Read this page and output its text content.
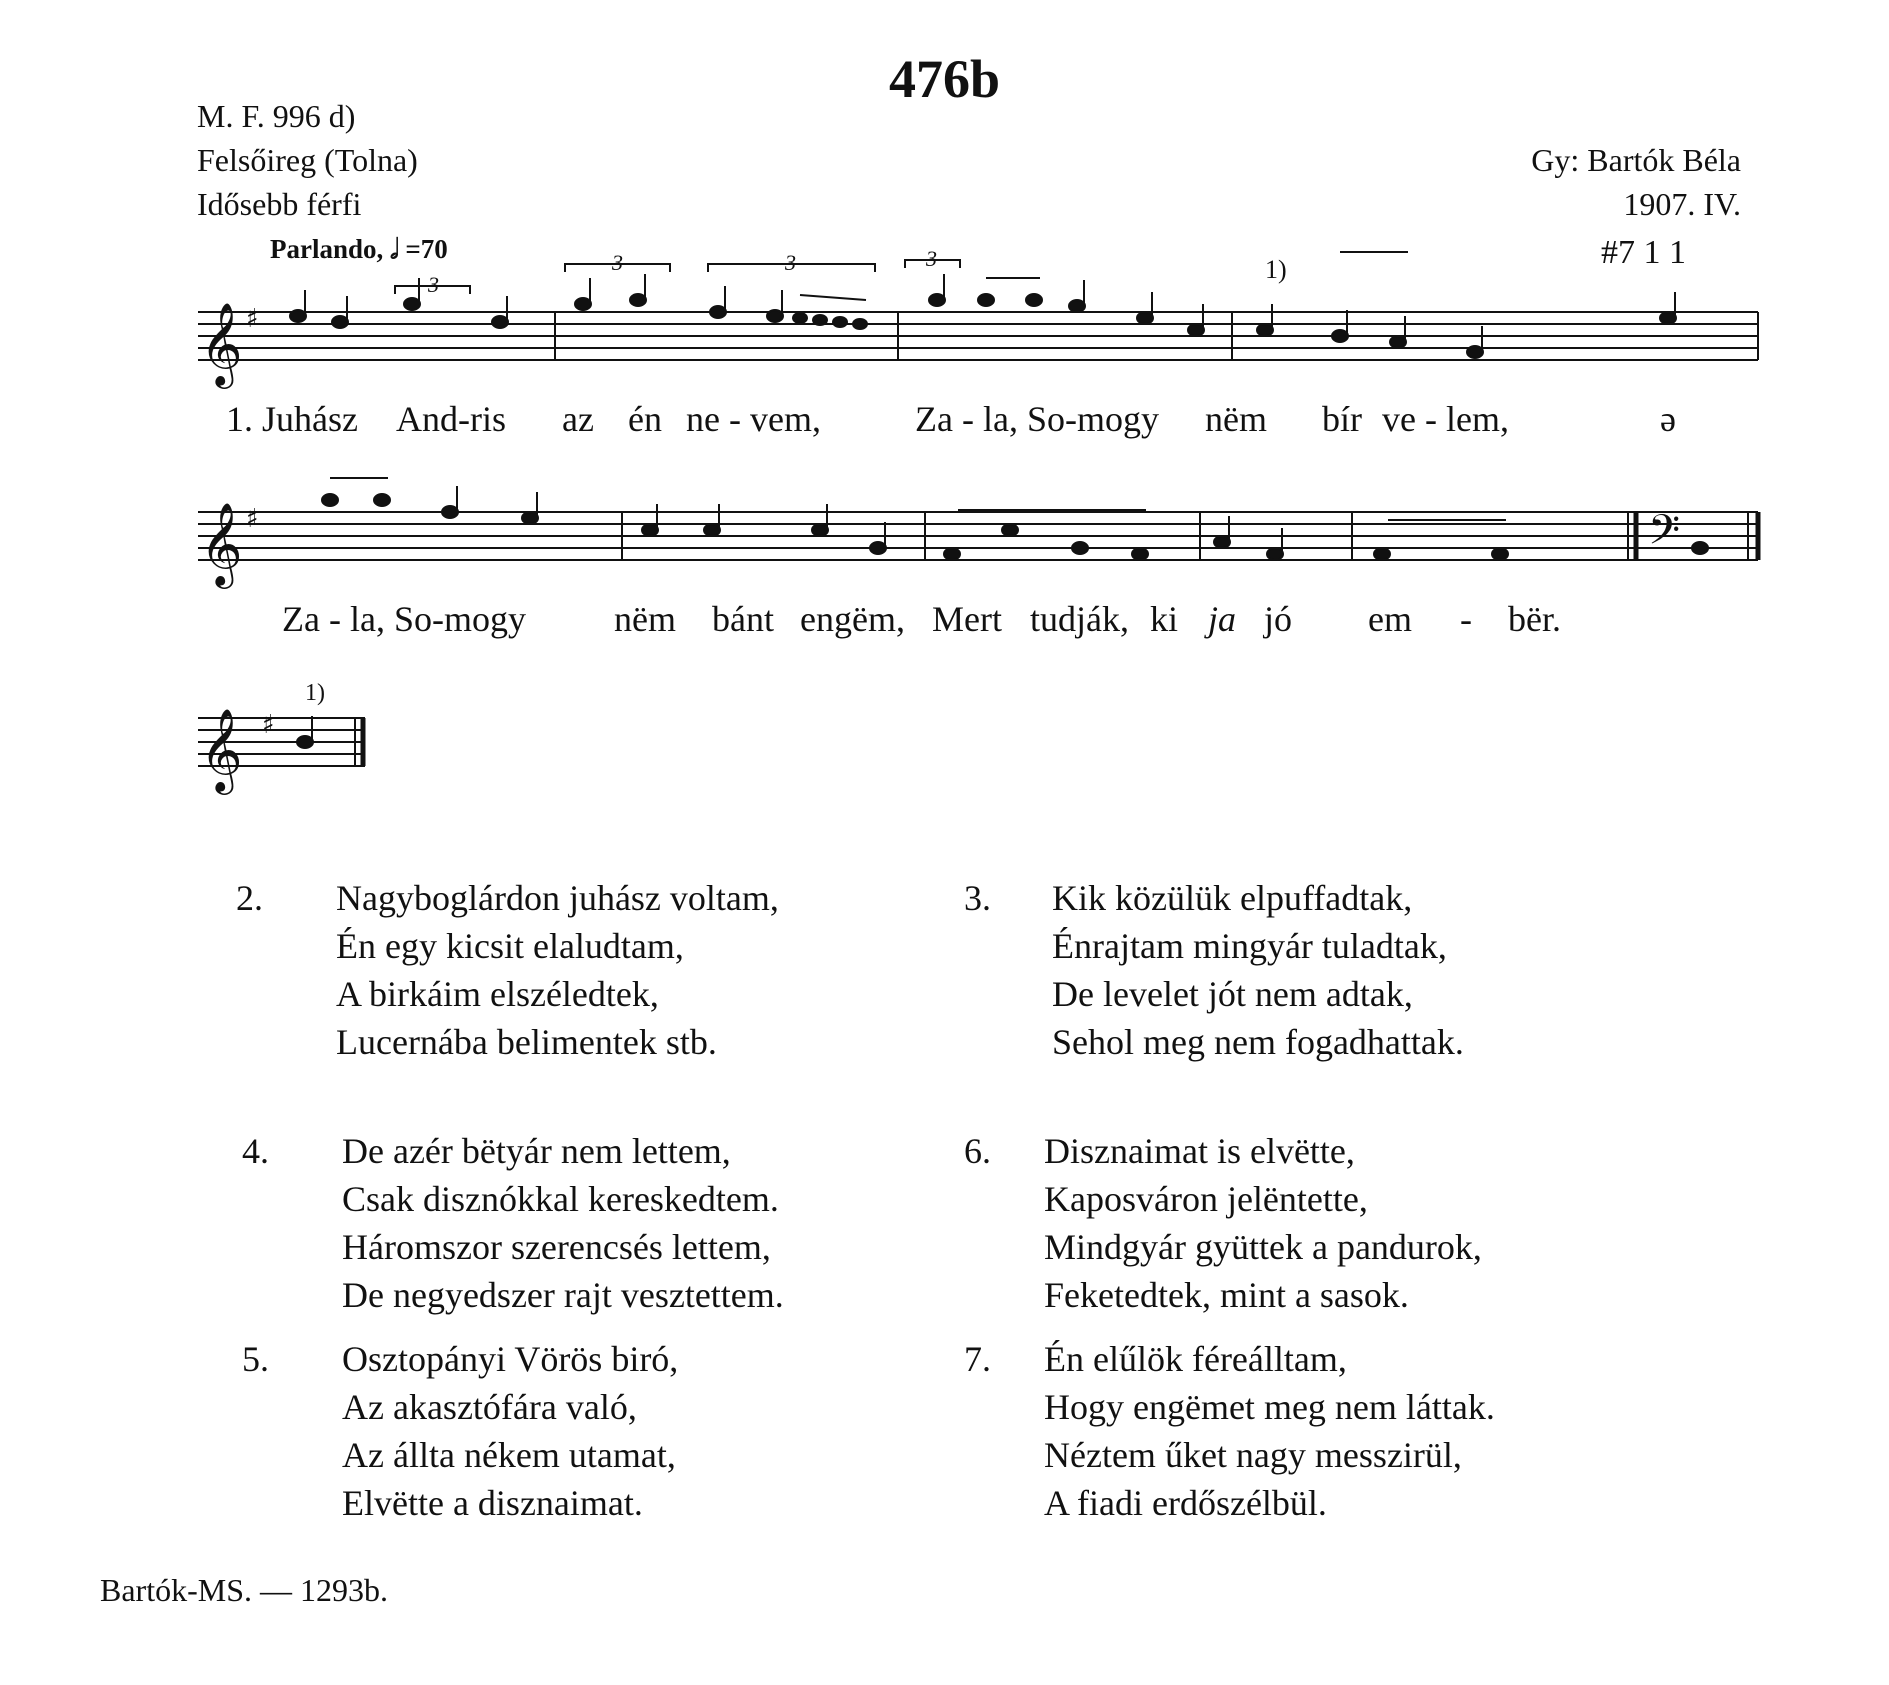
476b
M. F. 996 d)
Felsőireg (Tolna)
Idősebb férfi
Gy: Bartók Béla
1907. IV.
#7 1 1
Parlando, 𝅗𝅥 =70
𝄞 ♯
3
3	3	3	1)
𝄞 ♯	𝄢
𝄞 ♯
1)
1. Juhász And-ris az én ne - vem,	Za - la, So-mogy nëm bír ve - lem,	ə
Za - la, So-mogy nëm bánt engëm, Mert tudják, ki ja jó em - bër.
2. Nagyboglárdon juhász voltam,
Én egy kicsit elaludtam,
A birkáim elszéledtek,
Lucernába belimentek stb.
3. Kik közülük elpuffadtak,
Énrajtam mingyár tuladtak,
De levelet jót nem adtak,
Sehol meg nem fogadhattak.
4. De azér bëtyár nem lettem,
Csak disznókkal kereskedtem.
Háromszor szerencsés lettem,
De negyedszer rajt vesztettem.
6. Disznaimat is elvëtte,
Kaposváron jelëntette,
Mindgyár gyüttek a pandurok,
Feketedtek, mint a sasok.
5. Osztopányi Vörös biró,
Az akasztófára való,
Az állta nékem utamat,
Elvëtte a disznaimat.
7. Én elűlök féreálltam,
Hogy engëmet meg nem láttak.
Néztem űket nagy messzirül,
A fiadi erdőszélbül.
Bartók-MS. — 1293b.
